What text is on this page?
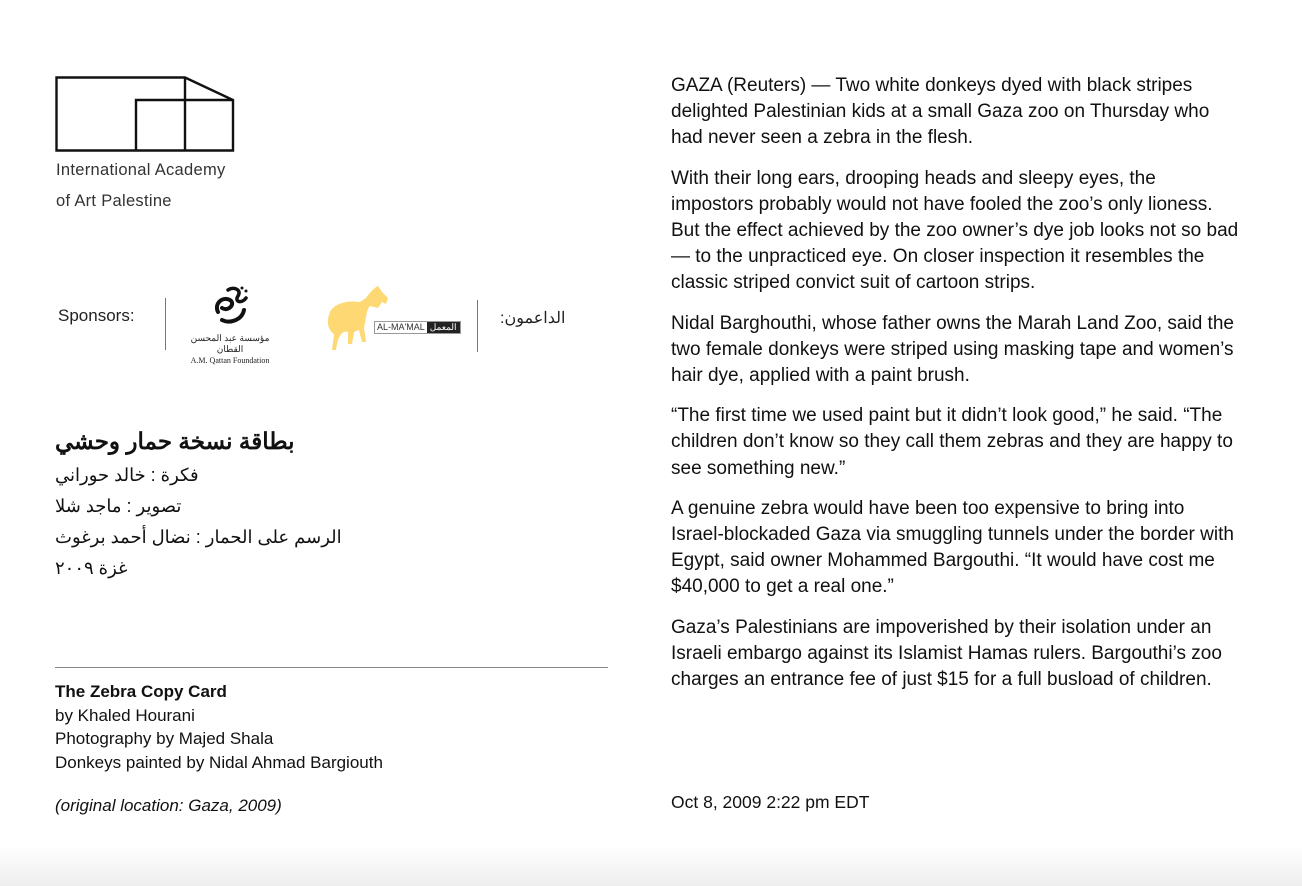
International Academy
of Art Palestine
Sponsors:
مؤسسة عبد المحسن القطان
A.M. Qattan Foundation
AL-MA'MAL المعمل	الداعمون:
بطاقة نسخة حمار وحشي
فكرة : خالد حوراني
تصوير : ماجد شلا
الرسم على الحمار : نضال أحمد برغوث
غزة ٢٠٠٩
The Zebra Copy Card
by Khaled Hourani
Photography by Majed Shala
Donkeys painted by Nidal Ahmad Bargiouth
(original location: Gaza, 2009)

GAZA (Reuters) — Two white donkeys dyed with black stripes delighted Palestinian kids at a small Gaza zoo on Thursday who had never seen a zebra in the flesh.

With their long ears, drooping heads and sleepy eyes, the impostors probably would not have fooled the zoo’s only lioness. But the effect achieved by the zoo owner’s dye job looks not so bad — to the unpracticed eye. On closer inspection it resembles the classic striped convict suit of cartoon strips.

Nidal Barghouthi, whose father owns the Marah Land Zoo, said the two female donkeys were striped using masking tape and women’s hair dye, applied with a paint brush.

“The first time we used paint but it didn’t look good,” he said. “The children don’t know so they call them zebras and they are happy to see something new.”

A genuine zebra would have been too expensive to bring into Israel-blockaded Gaza via smuggling tunnels under the border with Egypt, said owner Mohammed Bargouthi. “It would have cost me $40,000 to get a real one.”

Gaza’s Palestinians are impoverished by their isolation under an Israeli embargo against its Islamist Hamas rulers. Bargouthi’s zoo charges an entrance fee of just $15 for a full busload of children.

Oct 8, 2009 2:22 pm EDT
